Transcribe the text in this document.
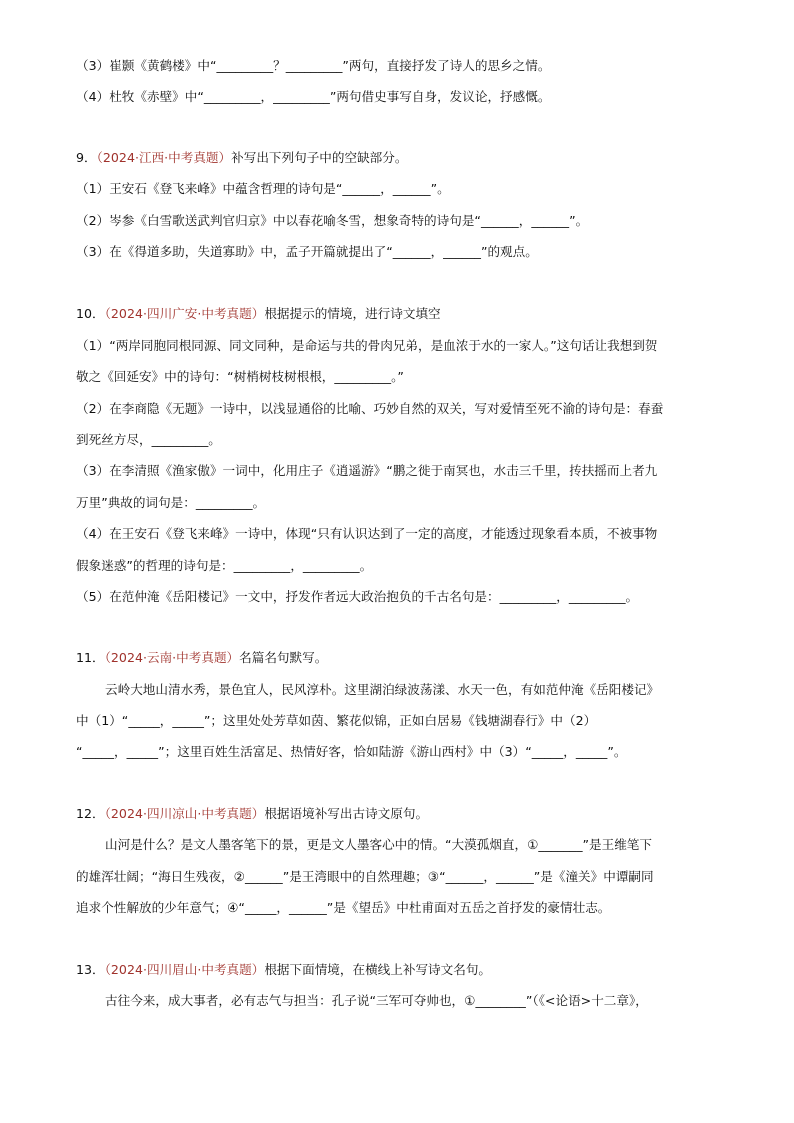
（3）崔颢《黄鹤楼》中“_________？_________”两句，直接抒发了诗人的思乡之情。
（4）杜牧《赤壁》中“_________，_________”两句借史事写自身，发议论，抒感慨。
9．（2024·江西·中考真题）补写出下列句子中的空缺部分。
（1）王安石《登飞来峰》中蕴含哲理的诗句是“______，______”。
（2）岑参《白雪歌送武判官归京》中以春花喻冬雪，想象奇特的诗句是“______，______”。
（3）在《得道多助，失道寡助》中，孟子开篇就提出了“______，______”的观点。
10．（2024·四川广安·中考真题）根据提示的情境，进行诗文填空
（1）“两岸同胞同根同源、同文同种，是命运与共的骨肉兄弟，是血浓于水的一家人。”这句话让我想到贺
敬之《回延安》中的诗句：“树梢树枝树根根，_________。”
（2）在李商隐《无题》一诗中，以浅显通俗的比喻、巧妙自然的双关，写对爱情至死不渝的诗句是：春蚕
到死丝方尽，_________。
（3）在李清照《渔家傲》一词中，化用庄子《逍遥游》“鹏之徙于南冥也，水击三千里，抟扶摇而上者九
万里”典故的词句是：_________。
（4）在王安石《登飞来峰》一诗中，体现“只有认识达到了一定的高度，才能透过现象看本质，不被事物
假象迷惑”的哲理的诗句是：_________，_________。
（5）在范仲淹《岳阳楼记》一文中，抒发作者远大政治抱负的千古名句是：_________，_________。
11．（2024·云南·中考真题）名篇名句默写。
云岭大地山清水秀，景色宜人，民风淳朴。这里湖泊绿波荡漾、水天一色，有如范仲淹《岳阳楼记》
中（1）“_____，_____”；这里处处芳草如茵、繁花似锦，正如白居易《钱塘湖春行》中（2）
“_____，_____”；这里百姓生活富足、热情好客，恰如陆游《游山西村》中（3）“_____，_____”。
12．（2024·四川凉山·中考真题）根据语境补写出古诗文原句。
山河是什么？是文人墨客笔下的景，更是文人墨客心中的情。“大漠孤烟直，①_______”是王维笔下
的雄浑壮阔；“海日生残夜，②______”是王湾眼中的自然理趣；③“______，______”是《潼关》中谭嗣同
追求个性解放的少年意气；④“_____，______”是《望岳》中杜甫面对五岳之首抒发的豪情壮志。
13．（2024·四川眉山·中考真题）根据下面情境，在横线上补写诗文名句。
古往今来，成大事者，必有志气与担当：孔子说“三军可夺帅也，①________”（《<论语>十二章》，
